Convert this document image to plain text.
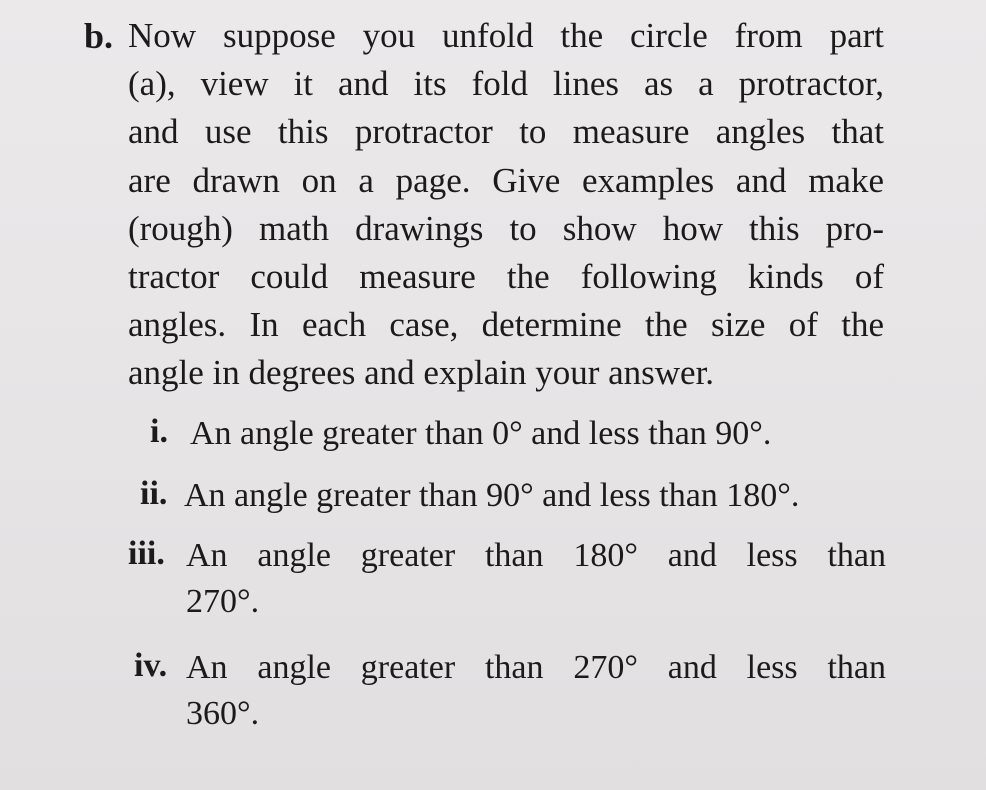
b. Now suppose you unfold the circle from part
(a), view it and its fold lines as a protractor,
and use this protractor to measure angles that
are drawn on a page. Give examples and make
(rough) math drawings to show how this pro-
tractor could measure the following kinds of
angles. In each case, determine the size of the
angle in degrees and explain your answer.
i. An angle greater than 0° and less than 90°.
ii. An angle greater than 90° and less than 180°.
iii. An angle greater than 180° and less than
270°.
iv. An angle greater than 270° and less than
360°.
